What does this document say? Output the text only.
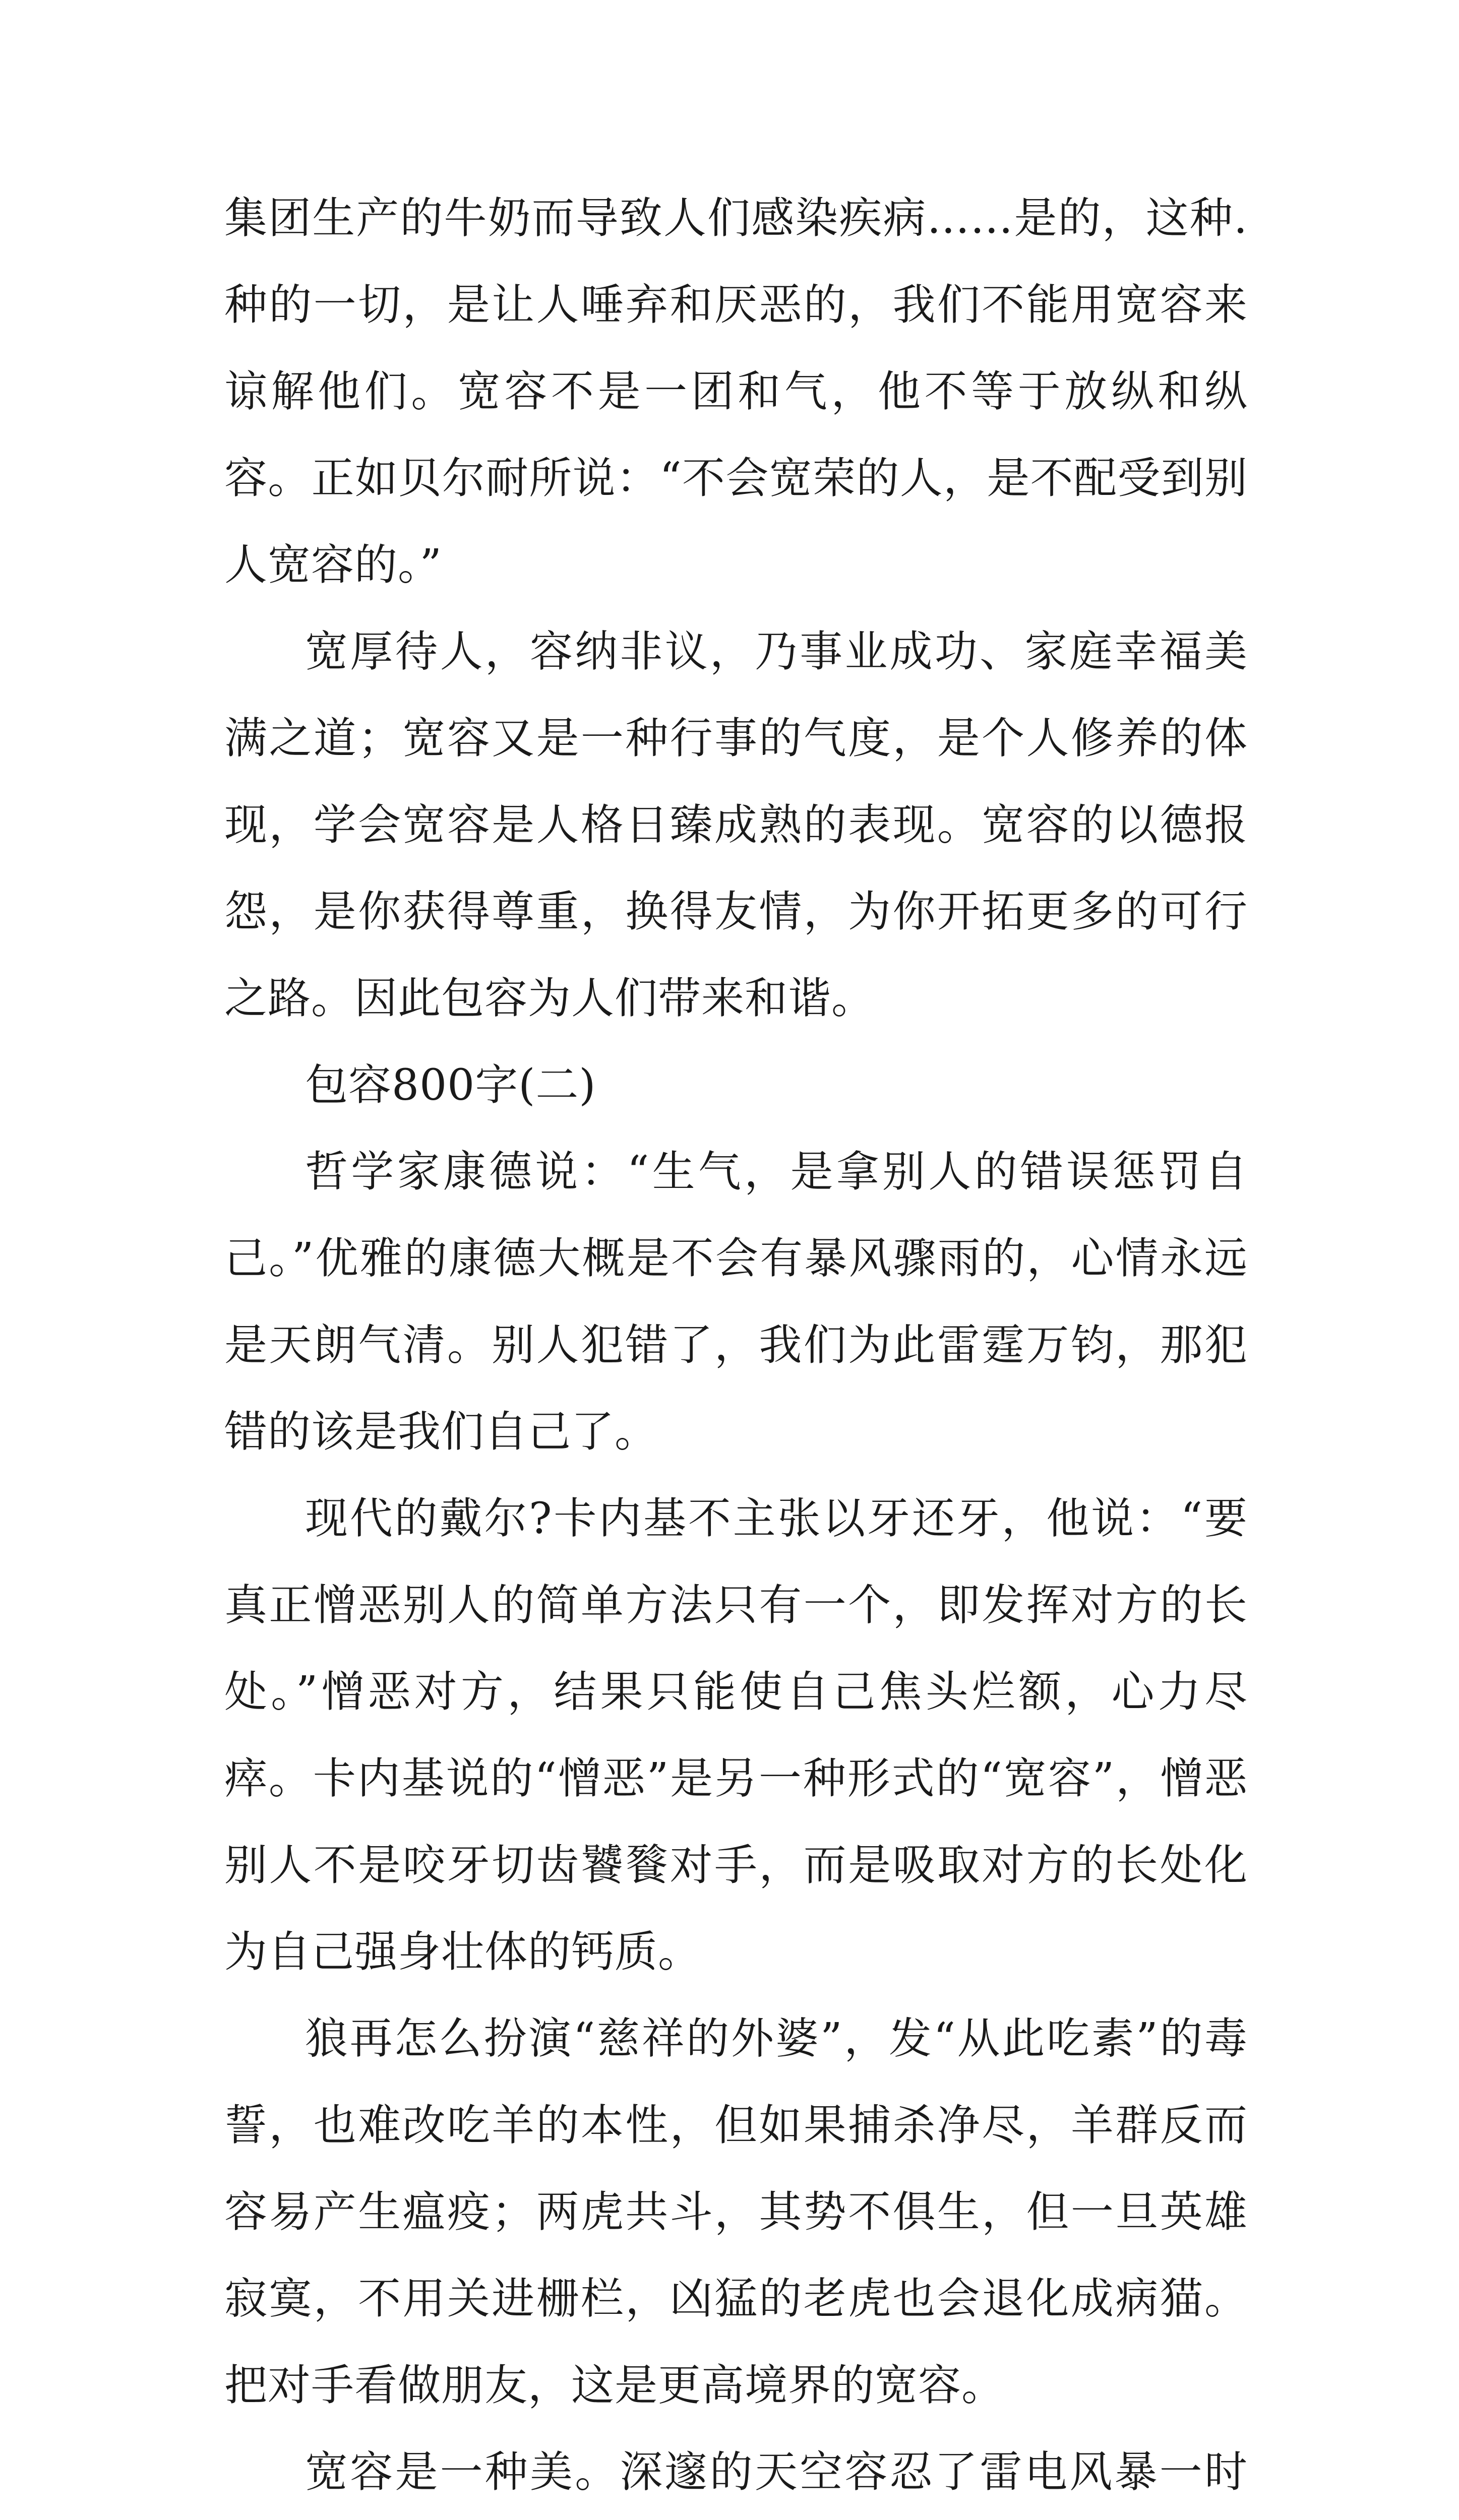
集团生产的牛奶而导致人们感染疾病……是的，这种.种的一切，是让人唾弃和厌恶的，我们不能用宽容来谅解他们。宽容不是一团和气，他不等于放纵和纵容。正如贝尔耐所说：“不会宽荣的人，是不配受到别人宽容的。”

宽厚待人，容纳非议，乃事业成功、家庭幸福美满之道；宽容又是一种行事的气度，是个人修养的体现，学会宽容是人格日臻成熟的表现。宽容的以德报怨，是你获得尊重，换得友情，为你开拓更多的可行之路。因此包容为人们带来和谐。

包容800字(二)

哲学家康德说：“生气，是拿别人的错误惩罚自己。”优雅的康德大概是不会有暴风骤雨的，心情永远是天朗气清。别人犯错了，我们为此雷霆万钧，那犯错的该是我们自己了。

现代的戴尔?卡内基不主张以牙还牙，他说：“要真正憎恶别人的简单方法只有一个，即发挥对方的长处。”憎恶对方，结果只能使自己焦头烂额，心力尽瘁。卡内基说的“憎恶”是另一种形式的“宽容”，憎恶别人不是咬牙切齿饕餮对手，而是吸取对方的长处化为自己强身壮体的钙质。

狼再怎么扮演“慈祥的外婆”，发“从此吃素”的毒誓，也难改吃羊的本性，但如果捕杀净尽，羊群反而容易产生瘟疫；两虎共斗，其势不俱生，但一旦英雄寂寞，不用关进栅栏，凶猛的老虎也会退化成病猫。把对手看做朋友，这是更高境界的宽容。

宽容是一种美。深邃的天空容忍了雷电风暴一时
